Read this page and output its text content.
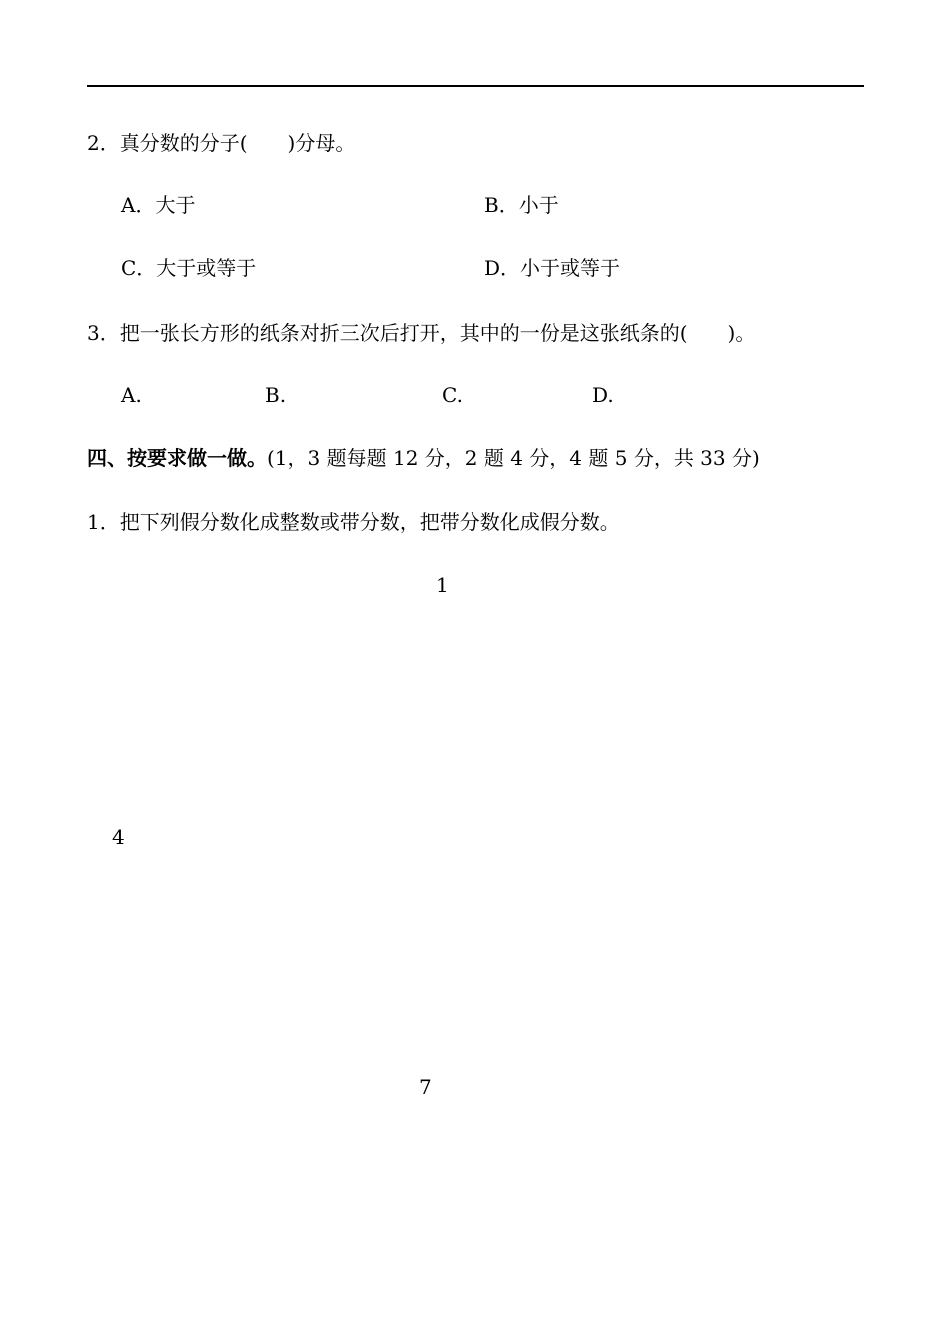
2．真分数的分子(　　)分母。
A．大于	B．小于
C．大于或等于	D．小于或等于
3．把一张长方形的纸条对折三次后打开，其中的一份是这张纸条的(　　)。
A.	B.	C.	D.
四、按要求做一做。(1，3 题每题 12 分，2 题 4 分，4 题 5 分，共 33 分)
1．把下列假分数化成整数或带分数，把带分数化成假分数。
1
4
7
